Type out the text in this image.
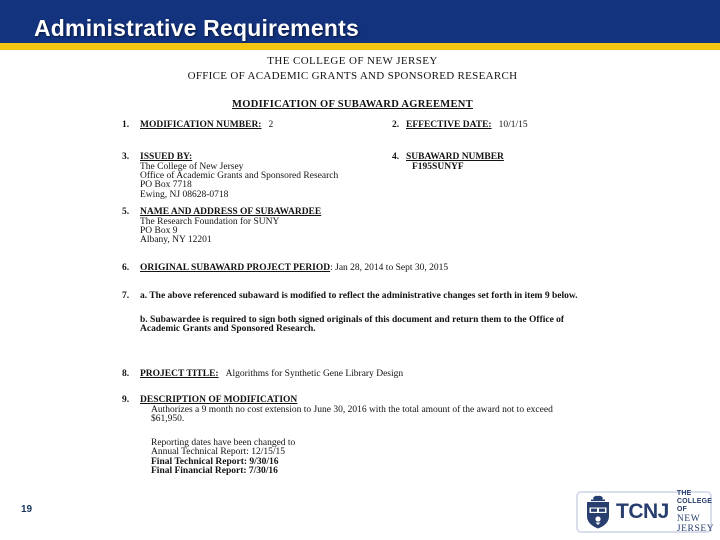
Administrative Requirements
THE COLLEGE OF NEW JERSEY
OFFICE OF ACADEMIC GRANTS AND SPONSORED RESEARCH
MODIFICATION OF SUBAWARD AGREEMENT
1. MODIFICATION NUMBER: 2	2. EFFECTIVE DATE: 10/1/15
3. ISSUED BY:
The College of New Jersey
Office of Academic Grants and Sponsored Research
PO Box 7718
Ewing, NJ 08628-0718
4. SUBAWARD NUMBER
F195SUNYF
5. NAME AND ADDRESS OF SUBAWARDEE
The Research Foundation for SUNY
PO Box 9
Albany, NY 12201
6. ORIGINAL SUBAWARD PROJECT PERIOD: Jan 28, 2014 to Sept 30, 2015
7.	a. The above referenced subaward is modified to reflect the administrative changes set forth in item 9 below.
b. Subawardee is required to sign both signed originals of this document and return them to the Office of Academic Grants and Sponsored Research.
8. PROJECT TITLE: Algorithms for Synthetic Gene Library Design
9. DESCRIPTION OF MODIFICATION
Authorizes a 9 month no cost extension to June 30, 2016 with the total amount of the award not to exceed $61,950.
Reporting dates have been changed to
Annual Technical Report: 12/15/15
Final Technical Report: 9/30/16
Final Financial Report: 7/30/16
19	TCNJ
THE COLLEGE OF
NEW JERSEY
